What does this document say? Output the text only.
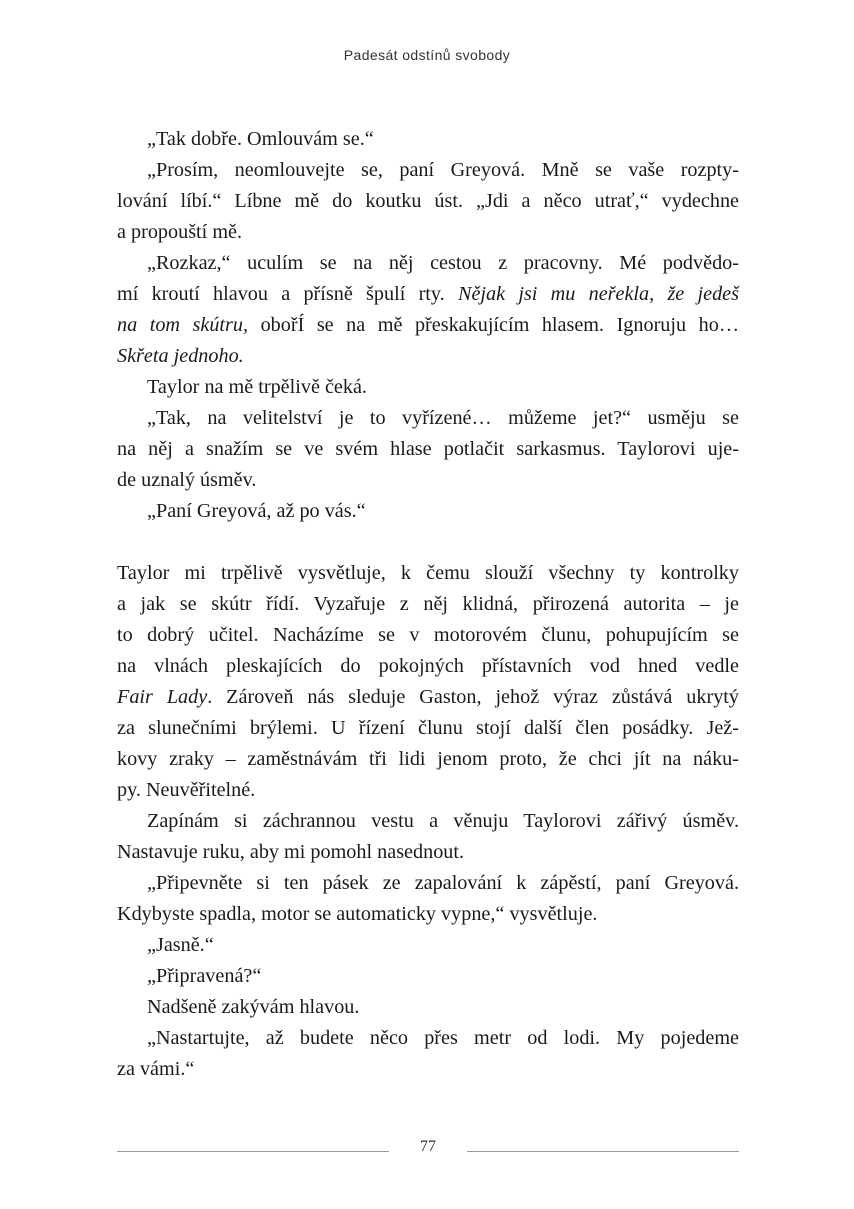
Padesát odstínů svobody
„Tak dobře. Omlouvám se.“
„Prosím, neomlouvejte se, paní Greyová. Mně se vaše rozpty-
lování líbí.“ Líbne mě do koutku úst. „Jdi a něco utrať,“ vydechne
a propouští mě.
„Rozkaz,“ uculím se na něj cestou z pracovny. Mé podvědo-
mí kroutí hlavou a přísně špulí rty. Nějak jsi mu neřekla, že jedeš
na tom skútru, obořÍ se na mě přeskakujícím hlasem. Ignoruju ho…
Skřeta jednoho.
Taylor na mě trpělivě čeká.
„Tak, na velitelství je to vyřízené… můžeme jet?“ usměju se
na něj a snažím se ve svém hlase potlačit sarkasmus. Taylorovi uje-
de uznalý úsměv.
„Paní Greyová, až po vás.“
Taylor mi trpělivě vysvětluje, k čemu slouží všechny ty kontrolky
a jak se skútr řídí. Vyzařuje z něj klidná, přirozená autorita – je
to dobrý učitel. Nacházíme se v motorovém člunu, pohupujícím se
na vlnách pleskajících do pokojných přístavních vod hned vedle
Fair Lady. Zároveň nás sleduje Gaston, jehož výraz zůstává ukrytý
za slunečními brýlemi. U řízení člunu stojí další člen posádky. Jež-
kovy zraky – zaměstnávám tři lidi jenom proto, že chci jít na náku-
py. Neuvěřitelné.
Zapínám si záchrannou vestu a věnuju Taylorovi zářivý úsměv.
Nastavuje ruku, aby mi pomohl nasednout.
„Připevněte si ten pásek ze zapalování k zápěstí, paní Greyová.
Kdybyste spadla, motor se automaticky vypne,“ vysvětluje.
„Jasně.“
„Připravená?“
Nadšeně zakývám hlavou.
„Nastartujte, až budete něco přes metr od lodi. My pojedeme
za vámi.“
77
